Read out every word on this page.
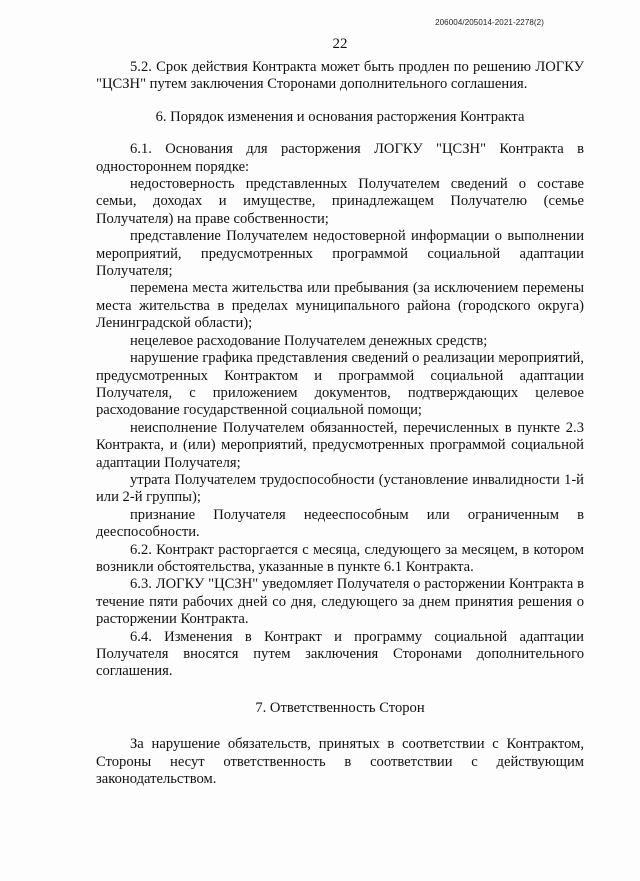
206004/205014-2021-2278(2)
22

5.2. Срок действия Контракта может быть продлен по решению ЛОГКУ "ЦСЗН" путем заключения Сторонами дополнительного соглашения.

6. Порядок изменения и основания расторжения Контракта

6.1. Основания для расторжения ЛОГКУ "ЦСЗН" Контракта в одностороннем порядке:

недостоверность представленных Получателем сведений о составе семьи, доходах и имуществе, принадлежащем Получателю (семье Получателя) на праве собственности;

представление Получателем недостоверной информации о выполнении мероприятий, предусмотренных программой социальной адаптации Получателя;

перемена места жительства или пребывания (за исключением перемены места жительства в пределах муниципального района (городского округа) Ленинградской области);

нецелевое расходование Получателем денежных средств;

нарушение графика представления сведений о реализации мероприятий, предусмотренных Контрактом и программой социальной адаптации Получателя, с приложением документов, подтверждающих целевое расходование государственной социальной помощи;

неисполнение Получателем обязанностей, перечисленных в пункте 2.3 Контракта, и (или) мероприятий, предусмотренных программой социальной адаптации Получателя;

утрата Получателем трудоспособности (установление инвалидности 1-й или 2-й группы);

признание Получателя недееспособным или ограниченным в дееспособности.

6.2. Контракт расторгается с месяца, следующего за месяцем, в котором возникли обстоятельства, указанные в пункте 6.1 Контракта.

6.3. ЛОГКУ "ЦСЗН" уведомляет Получателя о расторжении Контракта в течение пяти рабочих дней со дня, следующего за днем принятия решения о расторжении Контракта.

6.4. Изменения в Контракт и программу социальной адаптации Получателя вносятся путем заключения Сторонами дополнительного соглашения.

7. Ответственность Сторон

За нарушение обязательств, принятых в соответствии с Контрактом, Стороны несут ответственность в соответствии с действующим законодательством.
